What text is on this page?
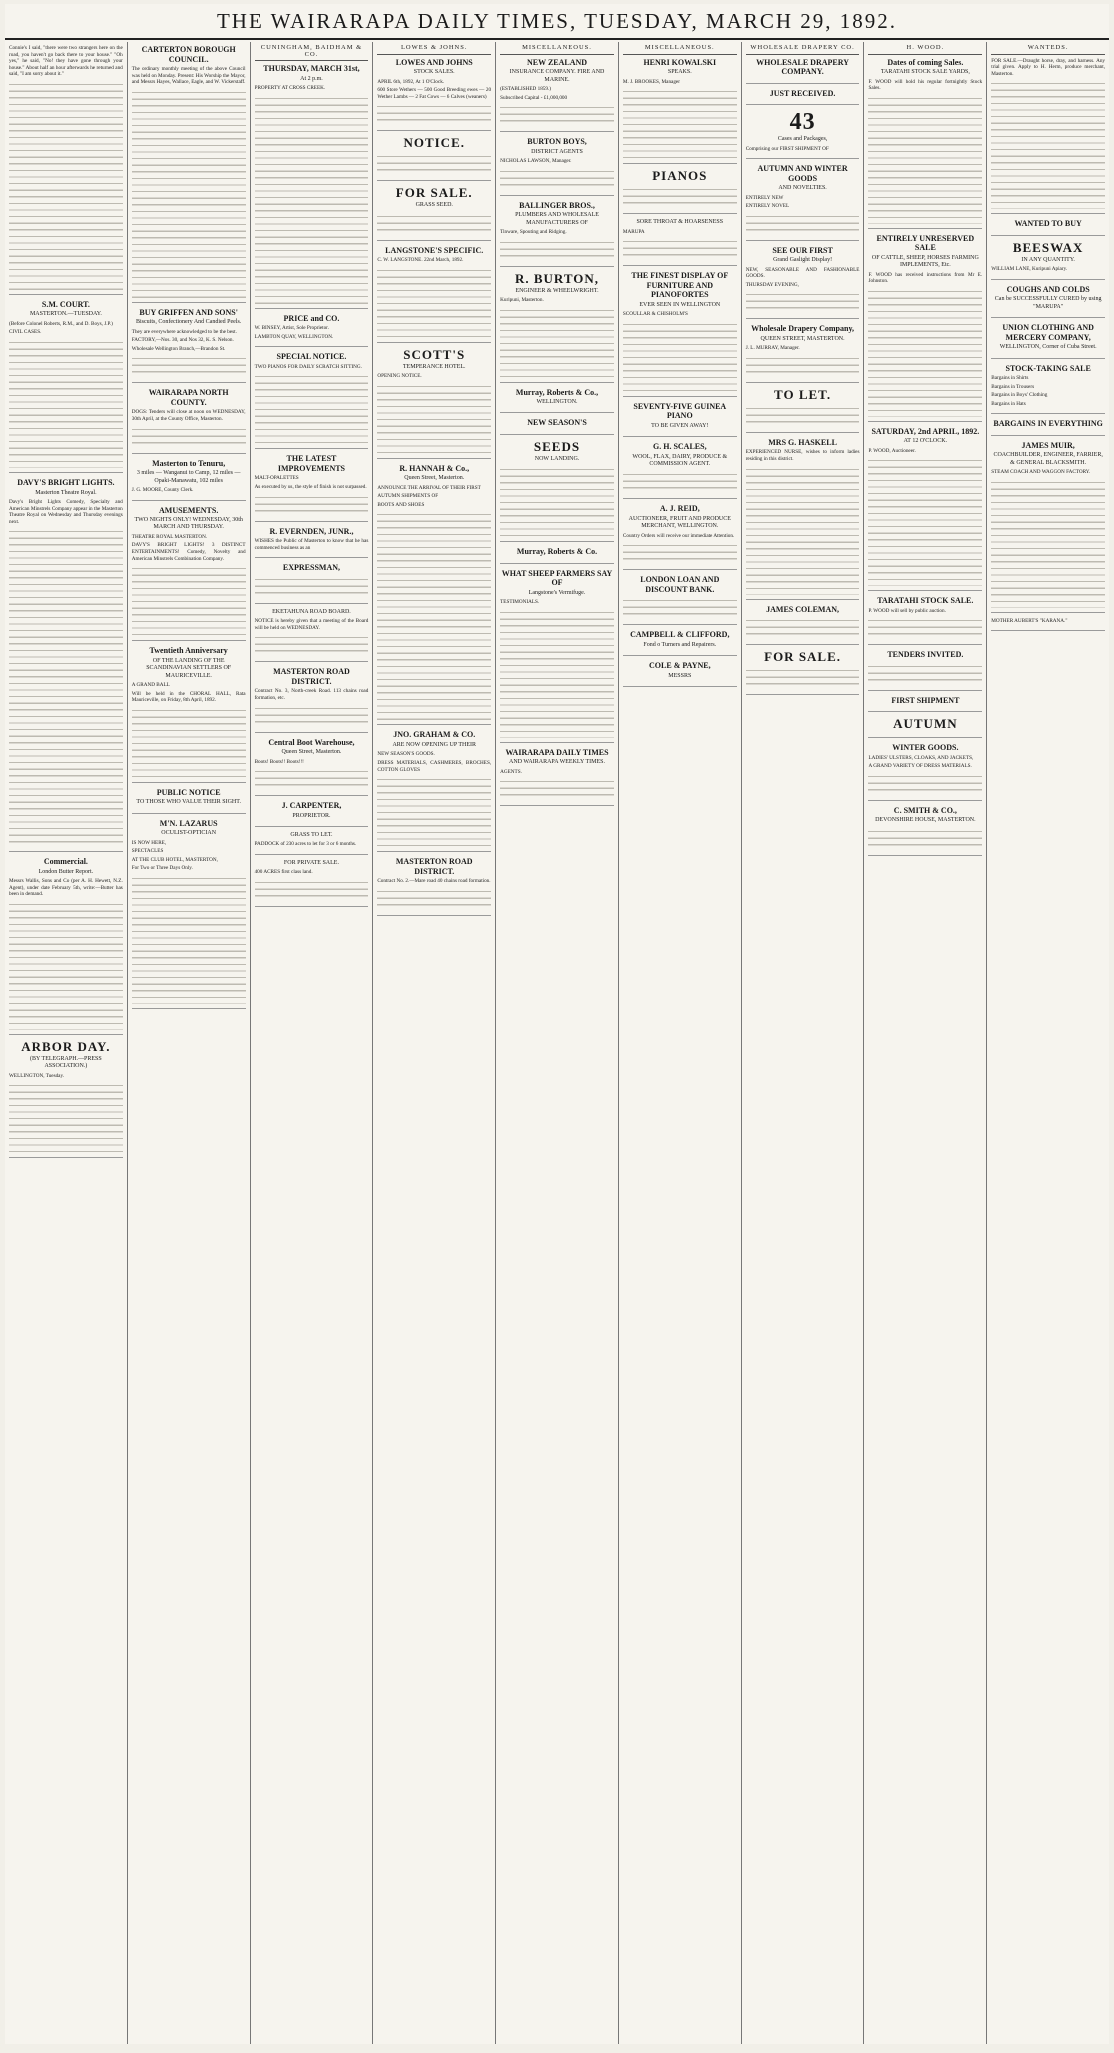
THE WAIRARAPA DAILY TIMES, TUESDAY, MARCH 29, 1892.

Connie's I said, "there were two strangers here on the road, you haven't go back there to your house." "Oh yes," he said, "No! they have gone through your house." About half an hour afterwards he returned and said, "I am sorry about it."

S.M. COURT.
MASTERTON.—TUESDAY.

(Before Colonel Roberts, R.M., and D. Boys, J.P.)

CIVIL CASES.

DAVY'S BRIGHT LIGHTS.
Masterton Theatre Royal.

Davy's Bright Lights Comedy, Specialty and American Minstrels Company appear in the Masterton Theatre Royal on Wednesday and Thursday evenings next.

Commercial.
London Butter Report.

Messrs Wallis, Sons and Co (per A. H. Hewett, N.Z. Agent), under date February 5th, write:—Butter has been in demand.

ARBOR DAY.
(BY TELEGRAPH.—PRESS ASSOCIATION.)

WELLINGTON, Tuesday.

CARTERTON BOROUGH COUNCIL.

The ordinary monthly meeting of the above Council was held on Monday. Present: His Worship the Mayor, and Messrs Hayes, Wallace, Eagle, and W. Vickerstaff.

BUY GRIFFEN AND SONS'
Biscuits, Confectionery And Candied Peels.

They are everywhere acknowledged to be the best.

FACTORY,—Nos. 30, and Nos 32, K. S. Nelson.

Wholesale Wellington Branch,—Brandon St.

WAIRARAPA NORTH COUNTY.

DOGS: Tenders will close at noon on WEDNESDAY, 30th April, at the County Office, Masterton.

Masterton to Tenuru,
3 miles — Wanganui to Camp, 12 miles — Opaki-Manawatu, 102 miles

J. G. MOORE, County Clerk.

AMUSEMENTS.
TWO NIGHTS ONLY! WEDNESDAY, 30th MARCH AND THURSDAY.

THEATRE ROYAL MASTERTON.

DAVY'S BRIGHT LIGHTS! 3 DISTINCT ENTERTAINMENTS! Comedy, Novelty and American Minstrels Combination Company.

Twentieth Anniversary
OF THE LANDING OF THE SCANDINAVIAN SETTLERS OF MAURICEVILLE.

A GRAND BALL

Will be held in the CHORAL HALL, Rata Mauriceville, on Friday, 8th April, 1892.

PUBLIC NOTICE
TO THOSE WHO VALUE THEIR SIGHT.
M'N. LAZARUS
OCULIST-OPTICIAN

IS NOW HERE,

SPECTACLES

AT THE CLUB HOTEL, MASTERTON,

For Two or Three Days Only.

CUNINGHAM, BAIDHAM & CO.
THURSDAY, MARCH 31st,
At 2 p.m.

PROPERTY AT CROSS CREEK.

PRICE and CO.

W. BINSEY, Artist, Sole Proprietor.

LAMBTON QUAY, WELLINGTON.

SPECIAL NOTICE.

TWO PIANOS FOR DAILY SCRATCH SITTING.

THE LATEST IMPROVEMENTS

MALT-OPALETTES

As executed by us, the style of finish is not surpassed.

R. EVERNDEN, JUNR.,

WISHES the Public of Masterton to know that he has commenced business as an

EXPRESSMAN,
EKETAHUNA ROAD BOARD.

NOTICE is hereby given that a meeting of the Board will be held on WEDNESDAY.

MASTERTON ROAD DISTRICT.

Contract No. 3, North-creek Road. 113 chains road formation, etc.

Central Boot Warehouse,
Queen Street, Masterton.

Boots! Boots!! Boots!!!

J. CARPENTER,
PROPRIETOR.
GRASS TO LET.

PADDOCK of 230 acres to let for 3 or 6 months.

FOR PRIVATE SALE.

400 ACRES first class land.

LOWES & JOHNS.
LOWES AND JOHNS
STOCK SALES.

APRIL 6th, 1892, At 1 O'Clock.

600 Store Wethers — 500 Good Breeding ewes — 20 Wether Lambs — 2 Fat Cows — 6 Calves (weaners)

NOTICE.
FOR SALE.
GRASS SEED.
LANGSTONE'S SPECIFIC.

C. W. LANGSTONE. 22nd March, 1892.

SCOTT'S
TEMPERANCE HOTEL.

OPENING NOTICE.

R. HANNAH & Co.,
Queen Street, Masterton.

ANNOUNCE THE ARRIVAL OF THEIR FIRST

AUTUMN SHIPMENTS OF

BOOTS AND SHOES

JNO. GRAHAM & CO.
ARE NOW OPENING UP THEIR

NEW SEASON'S GOODS.

DRESS MATERIALS, CASHMERES, BROCHES, COTTON GLOVES

MASTERTON ROAD DISTRICT.

Contract No. 2.—Mare road 40 chains road formation.

MISCELLANEOUS.
NEW ZEALAND
INSURANCE COMPANY. FIRE AND MARINE.

(ESTABLISHED 1859.)

Subscribed Capital - £1,000,000

BURTON BOYS,
DISTRICT AGENTS

NICHOLAS LAWSON, Manager.

BALLINGER BROS.,
PLUMBERS AND WHOLESALE MANUFACTURERS OF

Tinware, Spouting and Ridging.

R. BURTON,
ENGINEER & WHEELWRIGHT.

Kuripuni, Masterton.

Murray, Roberts & Co.,
WELLINGTON.
NEW SEASON'S
SEEDS
NOW LANDING.
Murray, Roberts & Co.
WHAT SHEEP FARMERS SAY OF
Langstone's Vermifuge.

TESTIMONIALS.

WAIRARAPA DAILY TIMES
AND WAIRARAPA WEEKLY TIMES.

AGENTS.

MISCELLANEOUS.
HENRI KOWALSKI
SPEAKS.

M. J. BROOKES, Manager

PIANOS
SORE THROAT & HOARSENESS

MARUPA

THE FINEST DISPLAY OF FURNITURE AND PIANOFORTES
EVER SEEN IN WELLINGTON

SCOULLAR & CHISHOLM'S

SEVENTY-FIVE GUINEA PIANO
TO BE GIVEN AWAY!
G. H. SCALES,
WOOL, FLAX, DAIRY, PRODUCE & COMMISSION AGENT.
A. J. REID,
AUCTIONEER, FRUIT AND PRODUCE MERCHANT, WELLINGTON.

Country Orders will receive our immediate Attention.

LONDON LOAN AND DISCOUNT BANK.
CAMPBELL & CLIFFORD,
Fond o Turners and Repairers.
COLE & PAYNE,
MESSRS
WHOLESALE DRAPERY CO.
WHOLESALE DRAPERY COMPANY.
JUST RECEIVED.
43
Cases and Packages,

Comprising our FIRST SHIPMENT OF

AUTUMN AND WINTER GOODS
AND NOVELTIES.

ENTIRELY NEW

ENTIRELY NOVEL

SEE OUR FIRST
Grand Gaslight Display!

NEW, SEASONABLE AND FASHIONABLE GOODS.

THURSDAY EVENING,

Wholesale Drapery Company,
QUEEN STREET, MASTERTON.

J. L. MURRAY, Manager.

TO LET.
MRS G. HASKELL

EXPERIENCED NURSE, wishes to inform ladies residing in this district.

JAMES COLEMAN,
FOR SALE.
H. WOOD.
Dates of coming Sales.
TARATAHI STOCK SALE YARDS,

F. WOOD will hold his regular fortnightly Stock Sales.

ENTIRELY UNRESERVED SALE
OF CATTLE, SHEEP, HORSES FARMING IMPLEMENTS, Etc.

F. WOOD has received instructions from Mr E. Johnston.

SATURDAY, 2nd APRIL, 1892.
AT 12 O'CLOCK.

P. WOOD, Auctioneer.

TARATAHI STOCK SALE.

P. WOOD will sell by public auction.

TENDERS INVITED.
FIRST SHIPMENT
AUTUMN
WINTER GOODS.

LADIES' ULSTERS, CLOAKS, AND JACKETS,

A GRAND VARIETY OF DRESS MATERIALS.

C. SMITH & CO.,
DEVONSHIRE HOUSE, MASTERTON.
WANTEDS.

FOR SALE.—Draught horse, dray, and harness. Any trial given. Apply to H. Herm, produce merchant, Masterton.

WANTED TO BUY
BEESWAX
IN ANY QUANTITY.

WILLIAM LANE, Kuripuni Apiary.

COUGHS AND COLDS
Can be SUCCESSFULLY CURED by using "MARUPA"
UNION CLOTHING AND MERCERY COMPANY,
WELLINGTON, Corner of Cuba Street.
STOCK-TAKING SALE

Bargains in Shirts

Bargains in Trousers

Bargains in Boys' Clothing

Bargains in Hats

BARGAINS IN EVERYTHING
JAMES MUIR,
COACHBUILDER, ENGINEER, FARRIER, & GENERAL BLACKSMITH.

STEAM COACH AND WAGGON FACTORY.

MOTHER AUBERT'S "KARANA."
